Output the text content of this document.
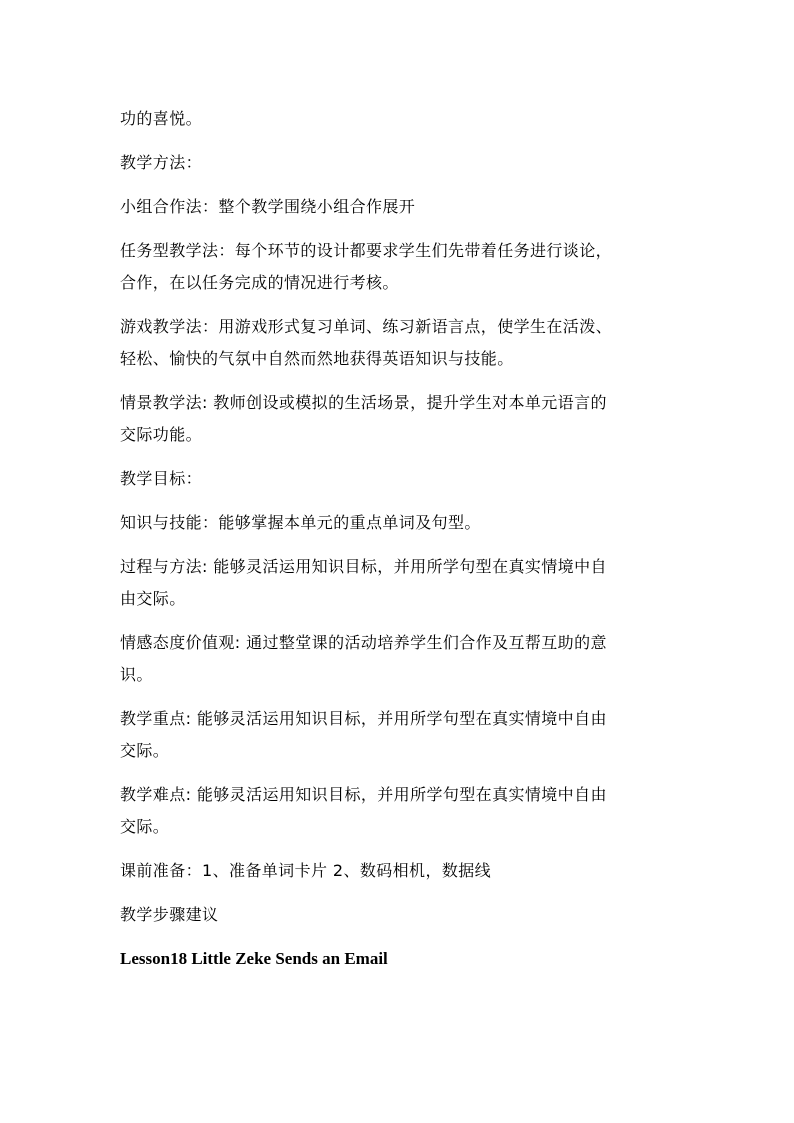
功的喜悦。
教学方法：
小组合作法：整个教学围绕小组合作展开
任务型教学法：每个环节的设计都要求学生们先带着任务进行谈论，
合作，在以任务完成的情况进行考核。
游戏教学法：用游戏形式复习单词、练习新语言点，使学生在活泼、
轻松、愉快的气氛中自然而然地获得英语知识与技能。
情景教学法: 教师创设或模拟的生活场景，提升学生对本单元语言的
交际功能。
教学目标：
知识与技能：能够掌握本单元的重点单词及句型。
过程与方法: 能够灵活运用知识目标，并用所学句型在真实情境中自
由交际。
情感态度价值观: 通过整堂课的活动培养学生们合作及互帮互助的意
识。
教学重点: 能够灵活运用知识目标，并用所学句型在真实情境中自由
交际。
教学难点: 能够灵活运用知识目标，并用所学句型在真实情境中自由
交际。
课前准备：1、准备单词卡片 2、数码相机，数据线
教学步骤建议
Lesson18 Little Zeke Sends an Email
